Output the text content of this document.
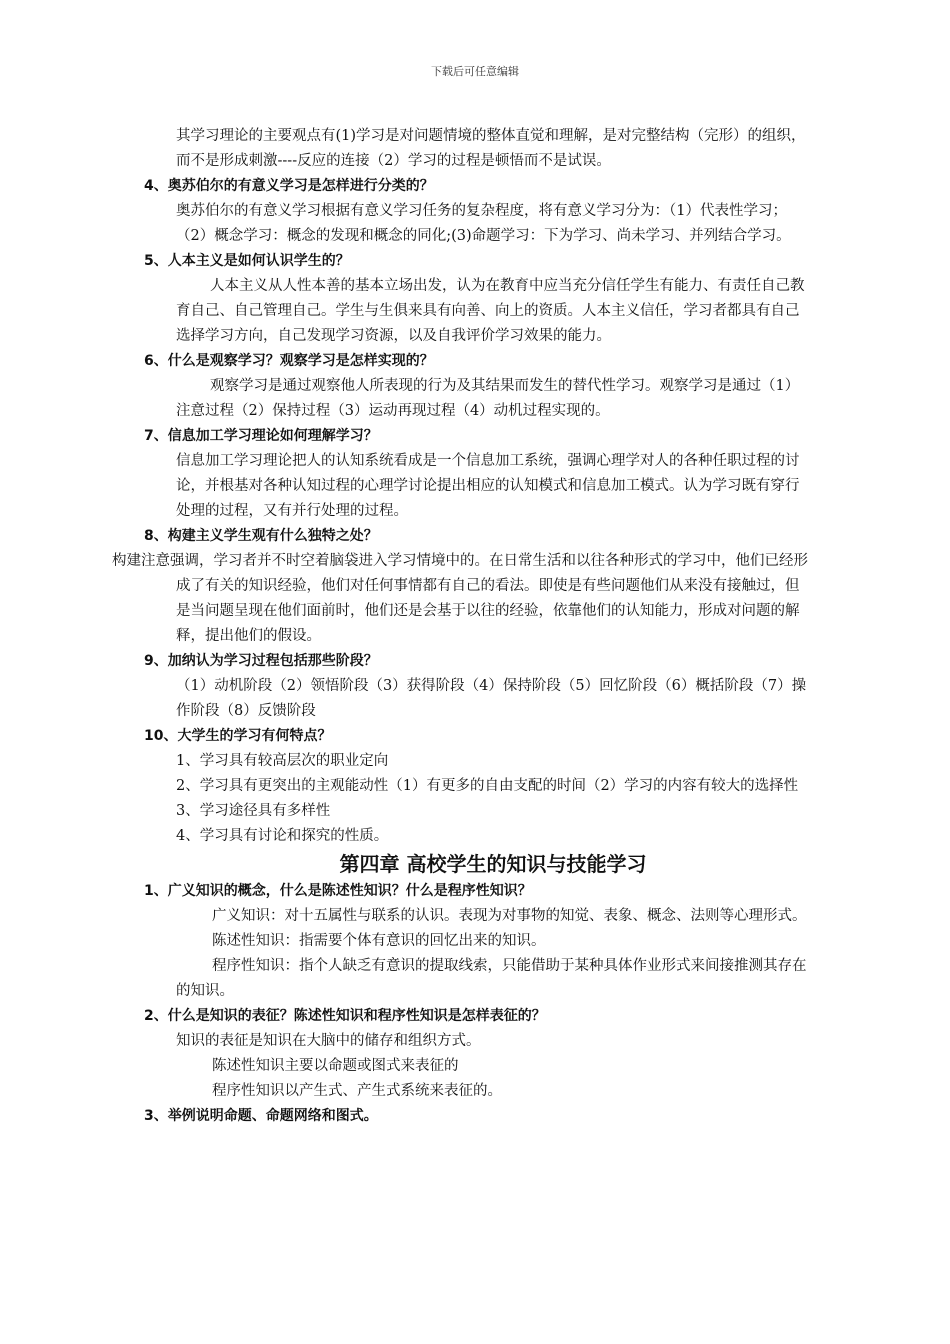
下载后可任意编辑

其学习理论的主要观点有(1)学习是对问题情境的整体直觉和理解，是对完整结构（完形）的组织，而不是形成刺激----反应的连接（2）学习的过程是顿悟而不是试误。

4、奥苏伯尔的有意义学习是怎样进行分类的？

奥苏伯尔的有意义学习根据有意义学习任务的复杂程度，将有意义学习分为：（1）代表性学习；（2）概念学习：概念的发现和概念的同化;(3)命题学习：下为学习、尚未学习、并列结合学习。

5、人本主义是如何认识学生的？

人本主义从人性本善的基本立场出发，认为在教育中应当充分信任学生有能力、有责任自己教育自己、自己管理自己。学生与生俱来具有向善、向上的资质。人本主义信任，学习者都具有自己选择学习方向，自己发现学习资源，以及自我评价学习效果的能力。

6、什么是观察学习？观察学习是怎样实现的？

观察学习是通过观察他人所表现的行为及其结果而发生的替代性学习。观察学习是通过（1）注意过程（2）保持过程（3）运动再现过程（4）动机过程实现的。

7、信息加工学习理论如何理解学习？

信息加工学习理论把人的认知系统看成是一个信息加工系统，强调心理学对人的各种任职过程的讨论，并根基对各种认知过程的心理学讨论提出相应的认知模式和信息加工模式。认为学习既有穿行处理的过程，又有并行处理的过程。

8、构建主义学生观有什么独特之处？

构建注意强调，学习者并不时空着脑袋进入学习情境中的。在日常生活和以往各种形式的学习中，他们已经形成了有关的知识经验，他们对任何事情都有自己的看法。即使是有些问题他们从来没有接触过，但是当问题呈现在他们面前时，他们还是会基于以往的经验，依靠他们的认知能力，形成对问题的解释，提出他们的假设。

9、加纳认为学习过程包括那些阶段？

（1）动机阶段（2）领悟阶段（3）获得阶段（4）保持阶段（5）回忆阶段（6）概括阶段（7）操作阶段（8）反馈阶段

10、大学生的学习有何特点？

1、学习具有较高层次的职业定向

2、学习具有更突出的主观能动性（1）有更多的自由支配的时间（2）学习的内容有较大的选择性

3、学习途径具有多样性

4、学习具有讨论和探究的性质。

第四章 高校学生的知识与技能学习

1、广义知识的概念，什么是陈述性知识？什么是程序性知识？

广义知识：对十五属性与联系的认识。表现为对事物的知觉、表象、概念、法则等心理形式。

陈述性知识：指需要个体有意识的回忆出来的知识。

程序性知识：指个人缺乏有意识的提取线索，只能借助于某种具体作业形式来间接推测其存在的知识。

2、什么是知识的表征？陈述性知识和程序性知识是怎样表征的？

知识的表征是知识在大脑中的储存和组织方式。

陈述性知识主要以命题或图式来表征的

程序性知识以产生式、产生式系统来表征的。

3、举例说明命题、命题网络和图式。
